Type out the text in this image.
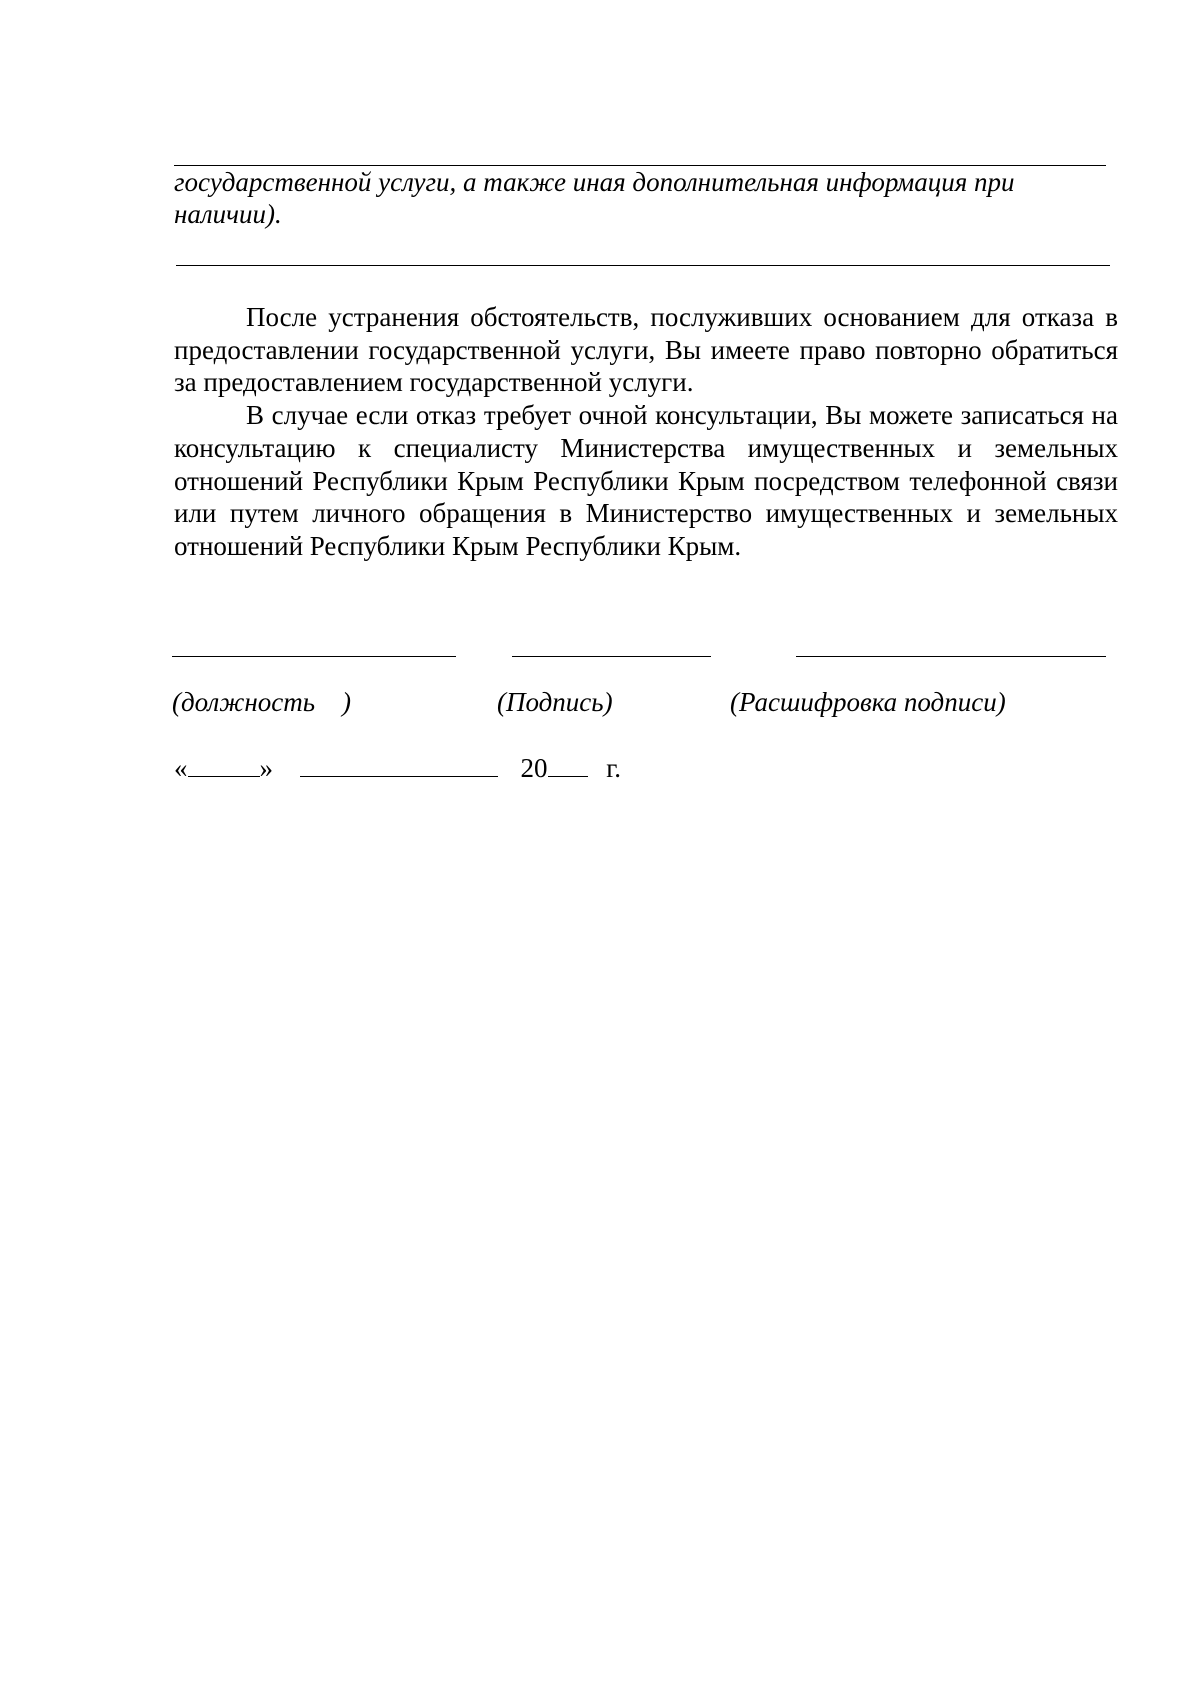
государственной услуги, а также иная дополнительная информация при
наличии).
После устранения обстоятельств, послуживших основанием для отказа в предоставлении государственной услуги, Вы имеете право повторно обратиться за предоставлением государственной услуги.
В случае если отказ требует очной консультации, Вы можете записаться на консультацию к специалисту Министерства имущественных и земельных отношений Республики Крым Республики Крым посредством телефонной связи или путем личного обращения в Министерство имущественных и земельных отношений Республики Крым Республики Крым.
(должность    )	(Подпись)	(Расшифровка подписи)
«	»	20 г.
